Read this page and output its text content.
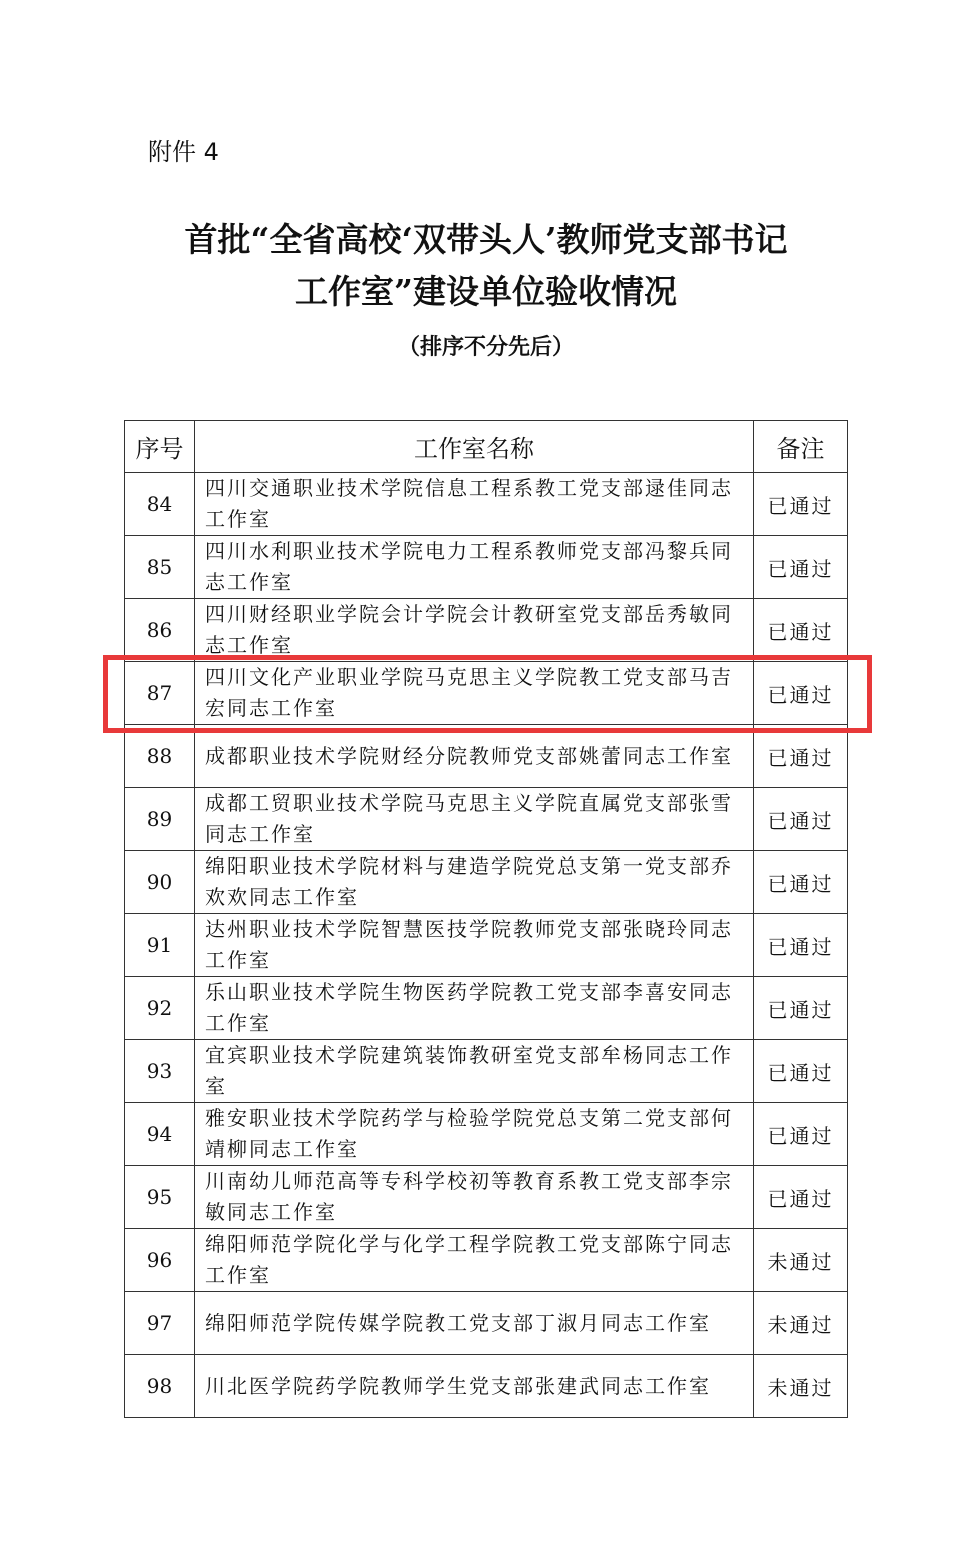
附件 4
首批“全省高校‘双带头人’教师党支部书记
工作室”建设单位验收情况
（排序不分先后）
序号	工作室名称	备注
84	四川交通职业技术学院信息工程系教工党支部逯佳同志工作室	已通过
85	四川水利职业技术学院电力工程系教师党支部冯黎兵同志工作室	已通过
86	四川财经职业学院会计学院会计教研室党支部岳秀敏同志工作室	已通过
87	四川文化产业职业学院马克思主义学院教工党支部马吉宏同志工作室	已通过
88	成都职业技术学院财经分院教师党支部姚蕾同志工作室	已通过
89	成都工贸职业技术学院马克思主义学院直属党支部张雪同志工作室	已通过
90	绵阳职业技术学院材料与建造学院党总支第一党支部乔欢欢同志工作室	已通过
91	达州职业技术学院智慧医技学院教师党支部张晓玲同志工作室	已通过
92	乐山职业技术学院生物医药学院教工党支部李喜安同志工作室	已通过
93	宜宾职业技术学院建筑装饰教研室党支部牟杨同志工作室	已通过
94	雅安职业技术学院药学与检验学院党总支第二党支部何靖柳同志工作室	已通过
95	川南幼儿师范高等专科学校初等教育系教工党支部李宗敏同志工作室	已通过
96	绵阳师范学院化学与化学工程学院教工党支部陈宁同志工作室	未通过
97	绵阳师范学院传媒学院教工党支部丁淑月同志工作室	未通过
98	川北医学院药学院教师学生党支部张建武同志工作室	未通过
